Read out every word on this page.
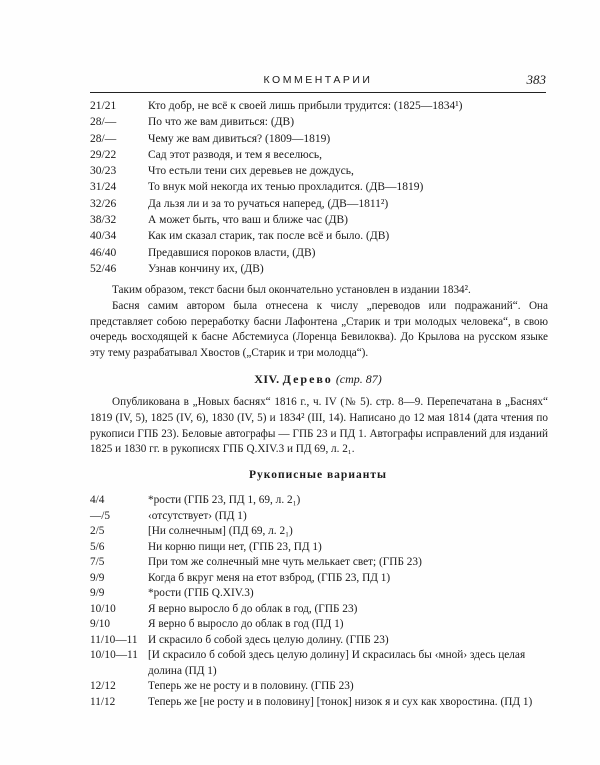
КОММЕНТАРИИ	383
21/21	Кто добр, не всё к своей лишь прибыли трудится: (1825—1834¹)
28/—	По что же вам дивиться: (ДВ)
28/—	Чему же вам дивиться? (1809—1819)
29/22	Сад этот разводя, и тем я веселюсь,
30/23	Что естьли тени сих деревьев не дождусь,
31/24	То внук мой некогда их тенью прохладится. (ДВ—1819)
32/26	Да льзя ли и за то ручаться наперед, (ДВ—1811²)
38/32	А может быть, что ваш и ближе час (ДВ)
40/34	Как им сказал старик, так после всё и было. (ДВ)
46/40	Предавшися пороков власти, (ДВ)
52/46	Узнав кончину их, (ДВ)

Таким образом, текст басни был окончательно установлен в издании 1834².

Басня самим автором была отнесена к числу „переводов или подражаний“. Она представляет собою переработку басни Лафонтена „Старик и три молодых человека“, в свою очередь восходящей к басне Абстемиуса (Лоренца Бевилоква). До Крылова на русском языке эту тему разрабатывал Хвостов („Старик и три молодца“).

XIV. Дерево (стр. 87)

Опубликована в „Новых баснях“ 1816 г., ч. IV (№ 5). стр. 8—9. Перепечатана в „Баснях“ 1819 (IV, 5), 1825 (IV, 6), 1830 (IV, 5) и 1834² (III, 14). Написано до 12 мая 1814 (дата чтения по рукописи ГПБ 23). Беловые автографы — ГПБ 23 и ПД 1. Автографы исправлений для изданий 1825 и 1830 гг. в рукописях ГПБ Q.XIV.3 и ПД 69, л. 2₁.

Рукописные варианты
4/4	*рости (ГПБ 23, ПД 1, 69, л. 2₁)
—/5	‹отсутствует› (ПД 1)
2/5	[Ни солнечным] (ПД 69, л. 2₁)
5/6	Ни корню пищи нет, (ГПБ 23, ПД 1)
7/5	При том же солнечный мне чуть мелькает свет; (ГПБ 23)
9/9	Когда б вкруг меня на етот взброд, (ГПБ 23, ПД 1)
9/9	*рости (ГПБ Q.XIV.3)
10/10	Я верно выросло б до облак в год, (ГПБ 23)
9/10	Я верно б выросло до облак в год (ПД 1)
11/10—11 И скрасило б собой здесь целую долину. (ГПБ 23)
10/10—11 [И скрасило б собой здесь целую долину] И скрасилась бы ‹мной› здесь целая долина (ПД 1)
12/12	Теперь же не росту и в половину. (ГПБ 23)
11/12	Теперь же [не росту и в половину] [тонок] низок я и сух как хворостина. (ПД 1)
